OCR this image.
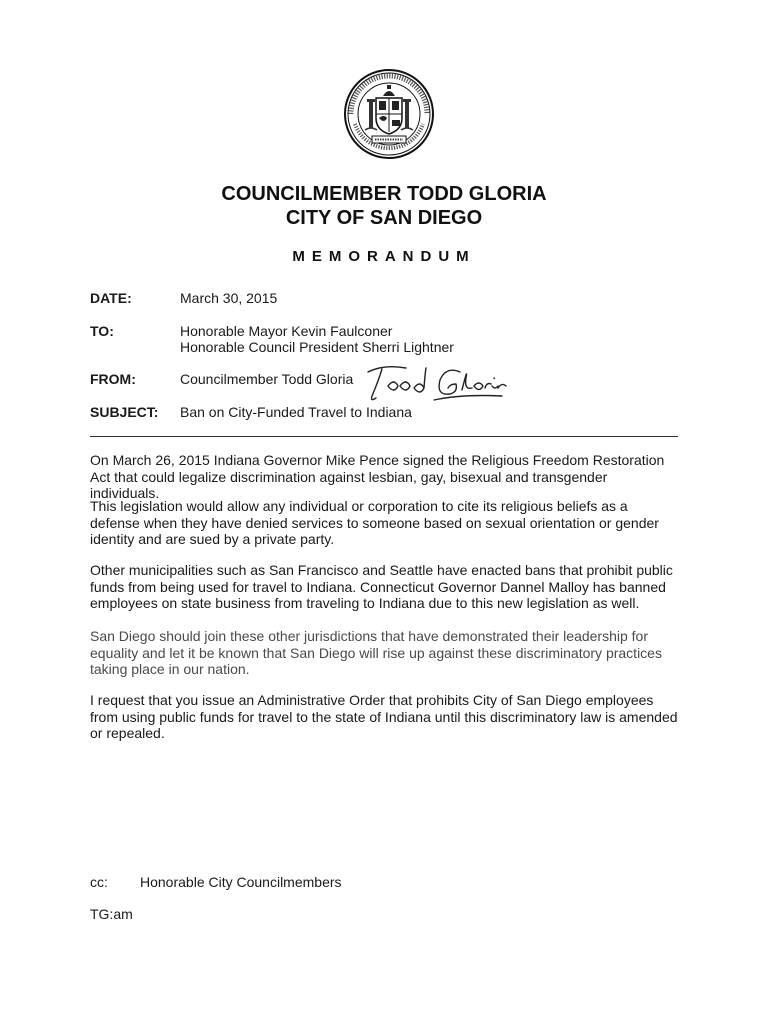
COUNCILMEMBER TODD GLORIA
CITY OF SAN DIEGO
MEMORANDUM
DATE:	March 30, 2015
TO:	Honorable Mayor Kevin Faulconer
Honorable Council President Sherri Lightner
FROM:	Councilmember Todd Gloria
SUBJECT: Ban on City-Funded Travel to Indiana

On March 26, 2015 Indiana Governor Mike Pence signed the Religious Freedom Restoration Act that could legalize discrimination against lesbian, gay, bisexual and transgender individuals.

This legislation would allow any individual or corporation to cite its religious beliefs as a defense when they have denied services to someone based on sexual orientation or gender identity and are sued by a private party.

Other municipalities such as San Francisco and Seattle have enacted bans that prohibit public funds from being used for travel to Indiana. Connecticut Governor Dannel Malloy has banned employees on state business from traveling to Indiana due to this new legislation as well.

San Diego should join these other jurisdictions that have demonstrated their leadership for equality and let it be known that San Diego will rise up against these discriminatory practices taking place in our nation.

I request that you issue an Administrative Order that prohibits City of San Diego employees from using public funds for travel to the state of Indiana until this discriminatory law is amended or repealed.

cc: Honorable City Councilmembers
TG:am
